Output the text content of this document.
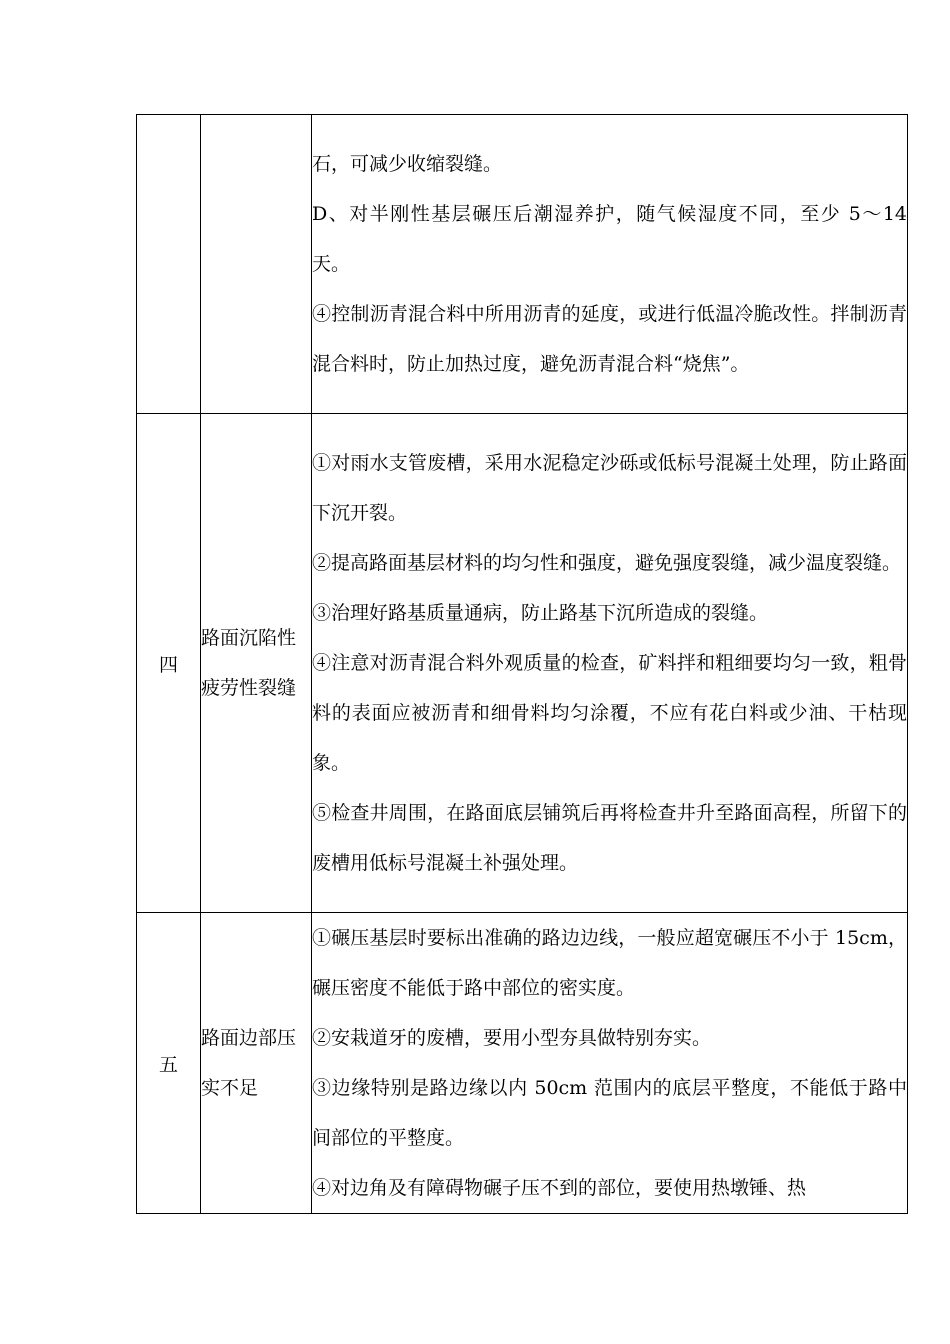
		石，可减少收缩裂缝。

D、对半刚性基层碾压后潮湿养护，随气候湿度不同，至少 5～14 天。

④控制沥青混合料中所用沥青的延度，或进行低温冷脆改性。拌制沥青混合料时，防止加热过度，避免沥青混合料“烧焦”。

四	路面沉陷性疲劳性裂缝	①对雨水支管废槽，采用水泥稳定沙砾或低标号混凝土处理，防止路面下沉开裂。

②提高路面基层材料的均匀性和强度，避免强度裂缝，减少温度裂缝。

③治理好路基质量通病，防止路基下沉所造成的裂缝。

④注意对沥青混合料外观质量的检查，矿料拌和粗细要均匀一致，粗骨料的表面应被沥青和细骨料均匀涂覆，不应有花白料或少油、干枯现象。

⑤检查井周围，在路面底层铺筑后再将检查井升至路面高程，所留下的废槽用低标号混凝土补强处理。

五	路面边部压实不足	①碾压基层时要标出准确的路边边线，一般应超宽碾压不小于 15cm，碾压密度不能低于路中部位的密实度。

②安栽道牙的废槽，要用小型夯具做特别夯实。

③边缘特别是路边缘以内 50cm 范围内的底层平整度，不能低于路中间部位的平整度。

④对边角及有障碍物碾子压不到的部位，要使用热墩锤、热
